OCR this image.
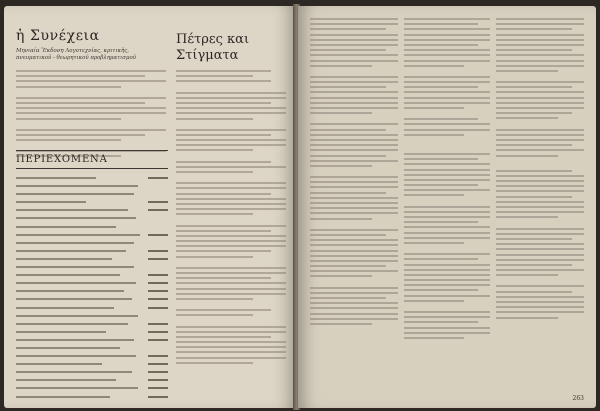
ἡ Συνέχεια
Μηνιαία Ἔκδοση Λογοτεχνίας, κριτικῆς, πνευματικοῦ - θεωρητικοῦ προβληματισμοῦ
ΠΕΡΙΕΧΟΜΕΝΑ
Πέτρες και Στίγματα
263
